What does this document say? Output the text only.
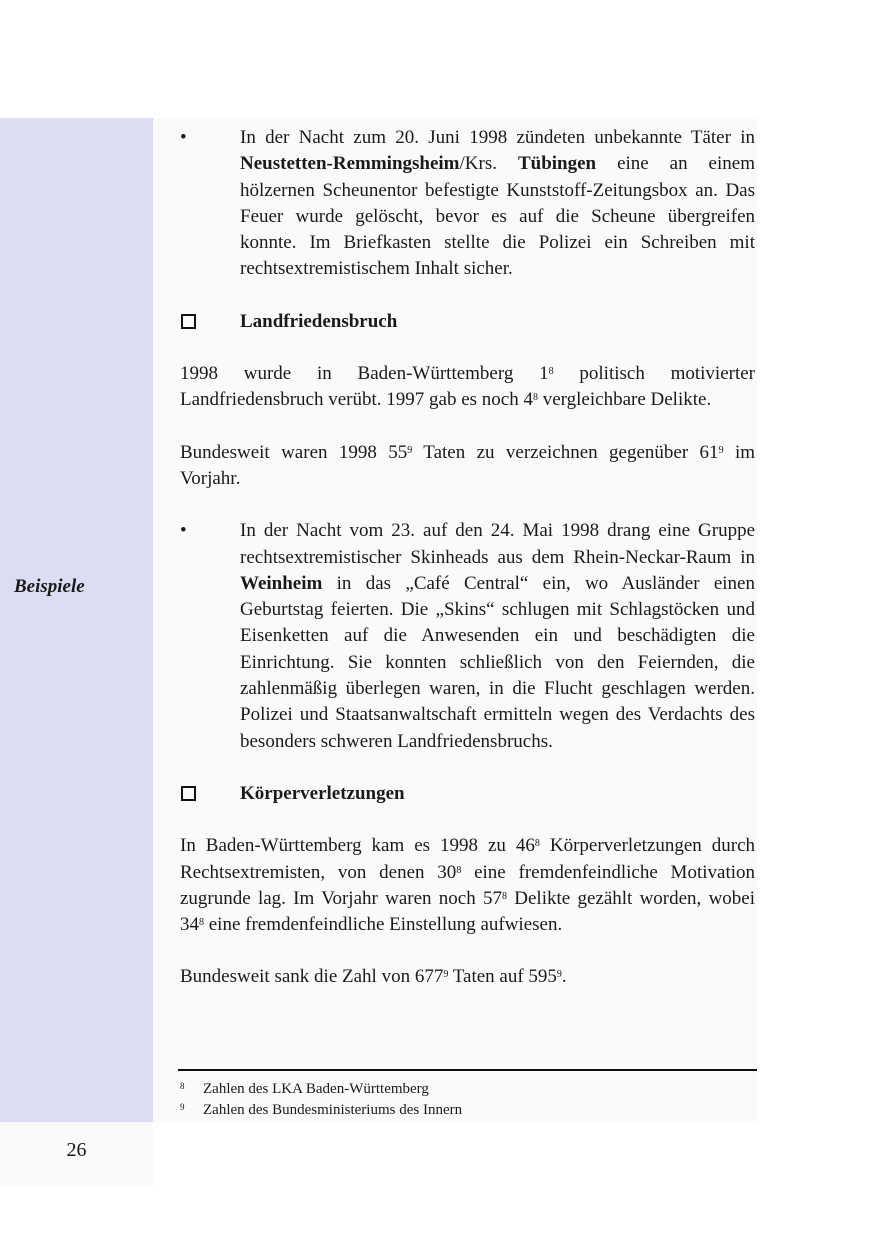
26
Beispiele
•	In der Nacht zum 20. Juni 1998 zündeten unbekannte Täter in Neustetten-Remmingsheim/Krs. Tübingen eine an einem hölzernen Scheunentor befestigte Kunststoff-Zeitungsbox an. Das Feuer wurde gelöscht, bevor es auf die Scheune übergreifen konnte. Im Briefkasten stellte die Polizei ein Schreiben mit rechtsextremistischem Inhalt sicher.
Landfriedensbruch

1998 wurde in Baden-Württemberg $1^8$ politisch motivierter Landfriedensbruch verübt. 1997 gab es noch $4^8$ vergleichbare Delikte.

Bundesweit waren 1998 $55^9$ Taten zu verzeichnen gegenüber $61^9$ im Vorjahr.

•	In der Nacht vom 23. auf den 24. Mai 1998 drang eine Gruppe rechtsextremistischer Skinheads aus dem Rhein-Neckar-Raum in Weinheim in das „Café Central“ ein, wo Ausländer einen Geburtstag feierten. Die „Skins“ schlugen mit Schlagstöcken und Eisenketten auf die Anwesenden ein und beschädigten die Einrichtung. Sie konnten schließlich von den Feiernden, die zahlenmäßig überlegen waren, in die Flucht geschlagen werden. Polizei und Staatsanwaltschaft ermitteln wegen des Verdachts des besonders schweren Landfriedensbruchs.
Körperverletzungen

In Baden-Württemberg kam es 1998 zu $46^8$ Körperverletzungen durch Rechtsextremisten, von denen $30^8$ eine fremdenfeindliche Motivation zugrunde lag. Im Vorjahr waren noch $57^8$ Delikte gezählt worden, wobei $34^8$ eine fremdenfeindliche Einstellung aufwiesen.

Bundesweit sank die Zahl von $677^9$ Taten auf $595^9$.

8 Zahlen des LKA Baden-Württemberg
9 Zahlen des Bundesministeriums des Innern
